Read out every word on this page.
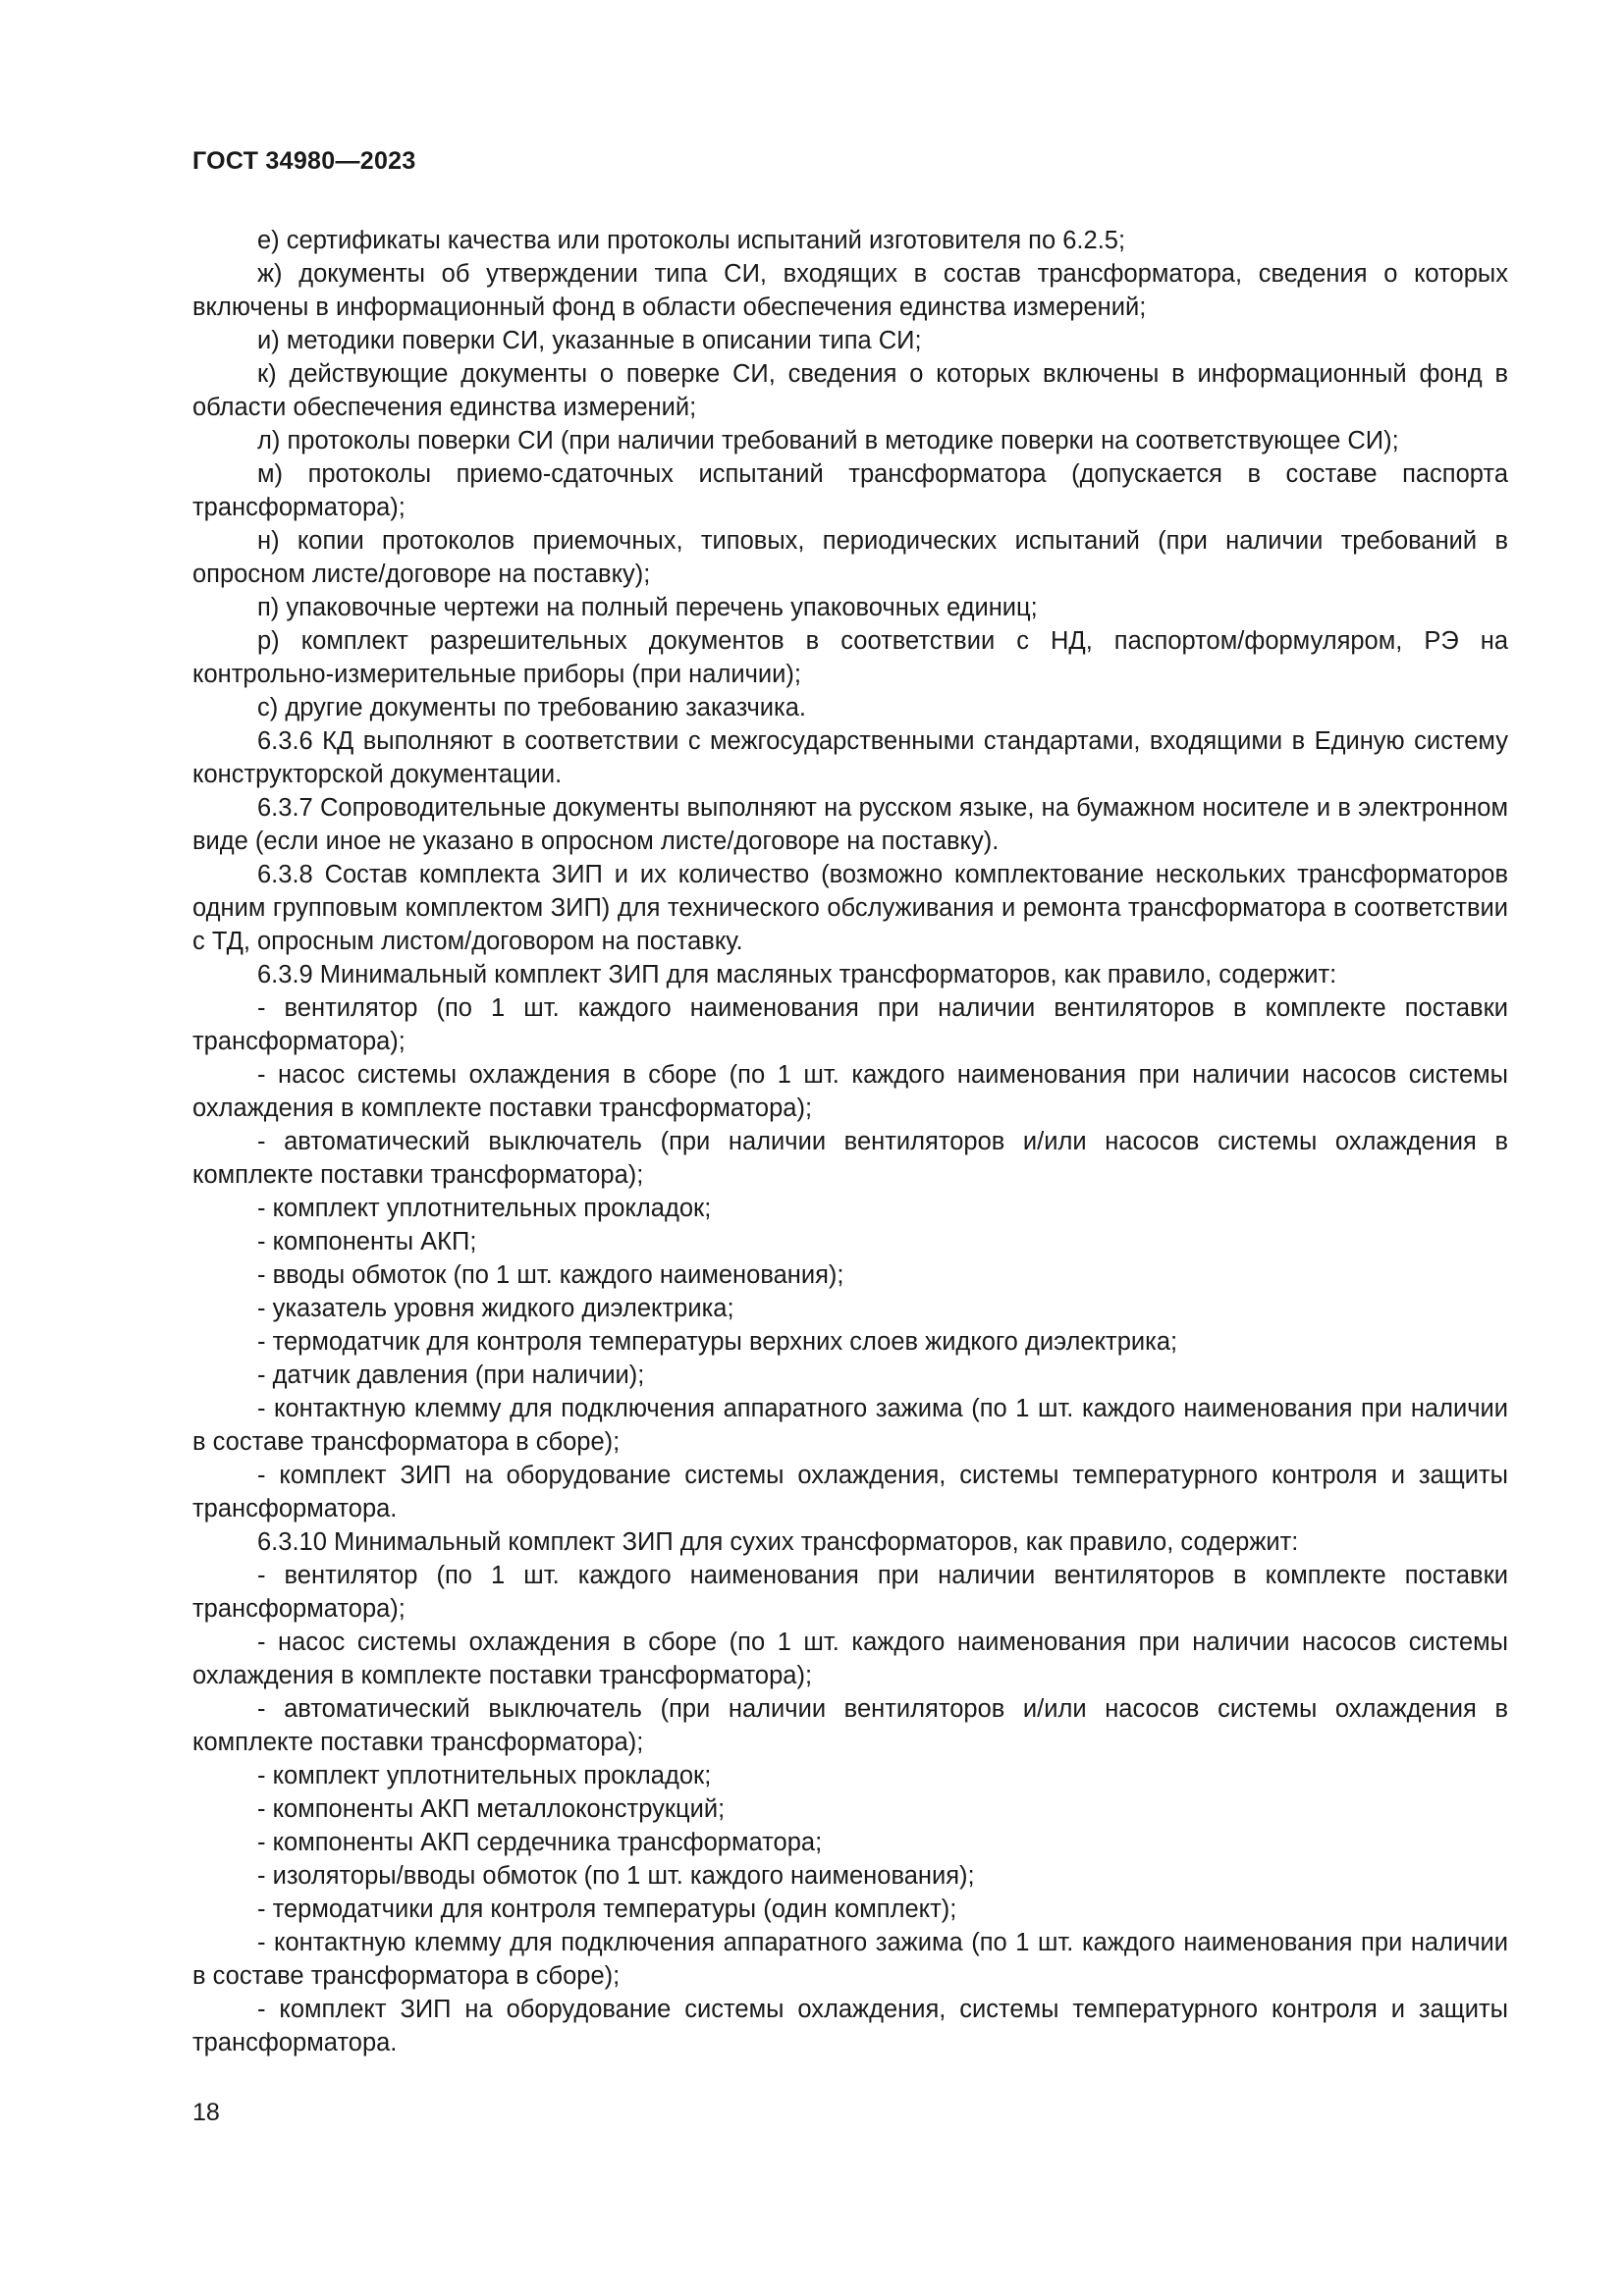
ГОСТ 34980—2023

е) сертификаты качества или протоколы испытаний изготовителя по 6.2.5;

ж) документы об утверждении типа СИ, входящих в состав трансформатора, сведения о которых включены в информационный фонд в области обеспечения единства измерений;

и) методики поверки СИ, указанные в описании типа СИ;

к) действующие документы о поверке СИ, сведения о которых включены в информационный фонд в области обеспечения единства измерений;

л) протоколы поверки СИ (при наличии требований в методике поверки на соответствующее СИ);

м) протоколы приемо-сдаточных испытаний трансформатора (допускается в составе паспорта трансформатора);

н) копии протоколов приемочных, типовых, периодических испытаний (при наличии требований в опросном листе/договоре на поставку);

п) упаковочные чертежи на полный перечень упаковочных единиц;

р) комплект разрешительных документов в соответствии с НД, паспортом/формуляром, РЭ на контрольно-измерительные приборы (при наличии);

с) другие документы по требованию заказчика.

6.3.6 КД выполняют в соответствии с межгосударственными стандартами, входящими в Единую систему конструкторской документации.

6.3.7 Сопроводительные документы выполняют на русском языке, на бумажном носителе и в электронном виде (если иное не указано в опросном листе/договоре на поставку).

6.3.8 Состав комплекта ЗИП и их количество (возможно комплектование нескольких трансформаторов одним групповым комплектом ЗИП) для технического обслуживания и ремонта трансформатора в соответствии с ТД, опросным листом/договором на поставку.

6.3.9 Минимальный комплект ЗИП для масляных трансформаторов, как правило, содержит:

- вентилятор (по 1 шт. каждого наименования при наличии вентиляторов в комплекте поставки трансформатора);

- насос системы охлаждения в сборе (по 1 шт. каждого наименования при наличии насосов системы охлаждения в комплекте поставки трансформатора);

- автоматический выключатель (при наличии вентиляторов и/или насосов системы охлаждения в комплекте поставки трансформатора);

- комплект уплотнительных прокладок;

- компоненты АКП;

- вводы обмоток (по 1 шт. каждого наименования);

- указатель уровня жидкого диэлектрика;

- термодатчик для контроля температуры верхних слоев жидкого диэлектрика;

- датчик давления (при наличии);

- контактную клемму для подключения аппаратного зажима (по 1 шт. каждого наименования при наличии в составе трансформатора в сборе);

- комплект ЗИП на оборудование системы охлаждения, системы температурного контроля и защиты трансформатора.

6.3.10 Минимальный комплект ЗИП для сухих трансформаторов, как правило, содержит:

- вентилятор (по 1 шт. каждого наименования при наличии вентиляторов в комплекте поставки трансформатора);

- насос системы охлаждения в сборе (по 1 шт. каждого наименования при наличии насосов системы охлаждения в комплекте поставки трансформатора);

- автоматический выключатель (при наличии вентиляторов и/или насосов системы охлаждения в комплекте поставки трансформатора);

- комплект уплотнительных прокладок;

- компоненты АКП металлоконструкций;

- компоненты АКП сердечника трансформатора;

- изоляторы/вводы обмоток (по 1 шт. каждого наименования);

- термодатчики для контроля температуры (один комплект);

- контактную клемму для подключения аппаратного зажима (по 1 шт. каждого наименования при наличии в составе трансформатора в сборе);

- комплект ЗИП на оборудование системы охлаждения, системы температурного контроля и защиты трансформатора.

18
